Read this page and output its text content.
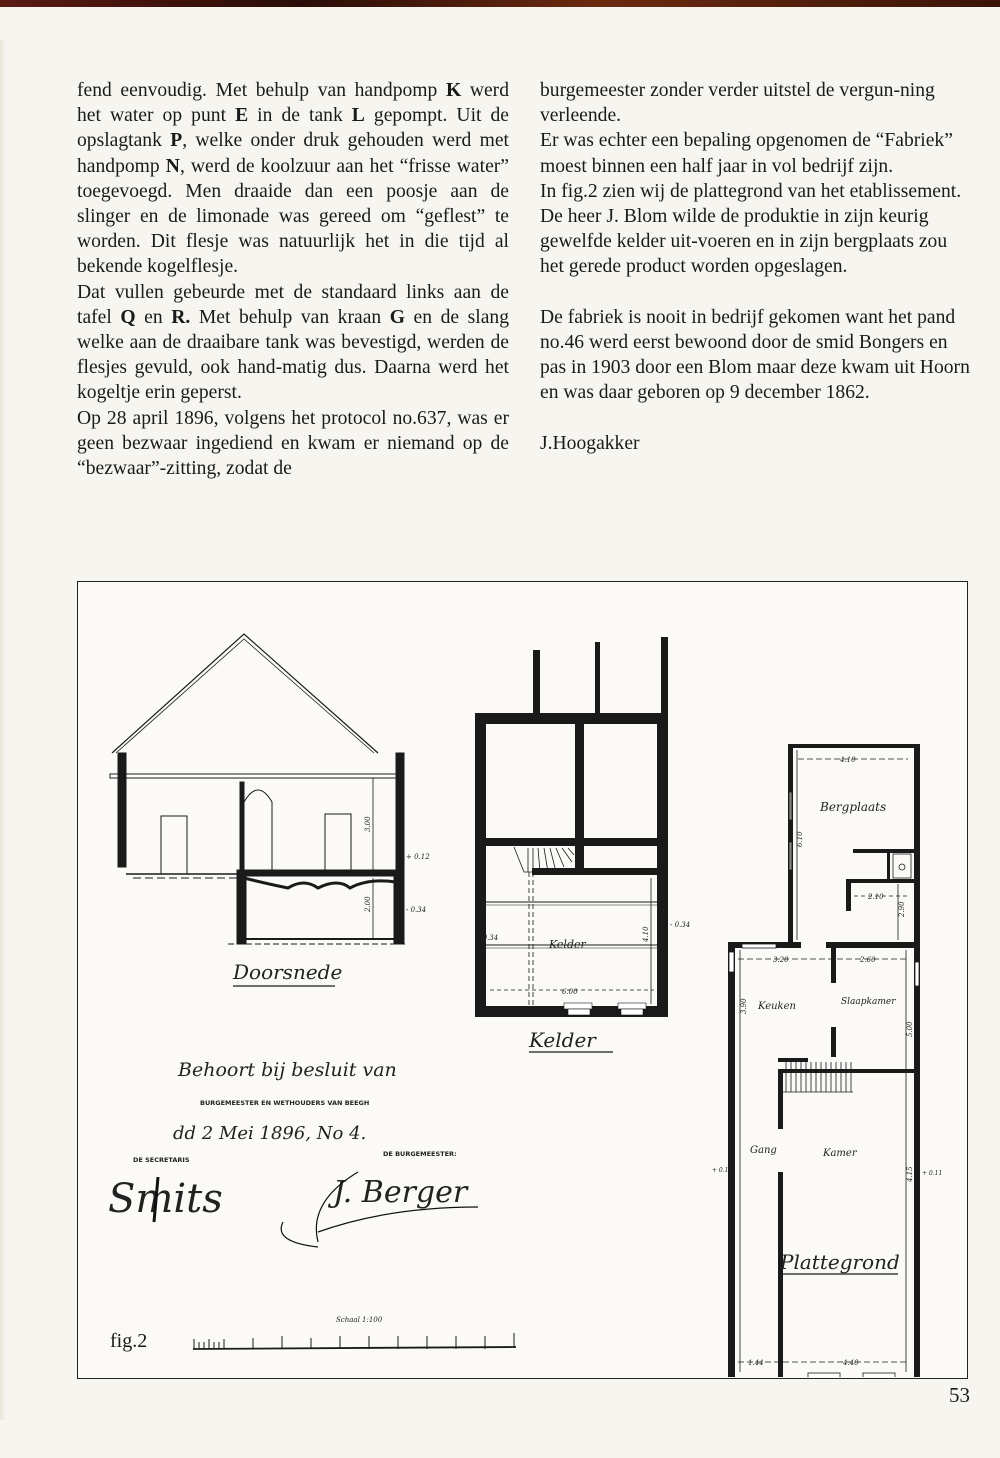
fend eenvoudig. Met behulp van handpomp K werd het water op punt E in de tank L gepompt. Uit de opslagtank P, welke onder druk gehouden werd met handpomp N, werd de koolzuur aan het “frisse water” toegevoegd. Men draaide dan een poosje aan de slinger en de limonade was gereed om “geflest” te worden. Dit flesje was natuurlijk het in die tijd al bekende kogelflesje.

Dat vullen gebeurde met de standaard links aan de tafel Q en R. Met behulp van kraan G en de slang welke aan de draaibare tank was bevestigd, werden de flesjes gevuld, ook hand-matig dus. Daarna werd het kogeltje erin geperst.

Op 28 april 1896, volgens het protocol no.637, was er geen bezwaar ingediend en kwam er niemand op de “bezwaar”-zitting, zodat de

burgemeester zonder verder uitstel de vergun-ning verleende.

Er was echter een bepaling opgenomen de “Fabriek” moest binnen een half jaar in vol bedrijf zijn.

In fig.2 zien wij de plattegrond van het etablissement. De heer J. Blom wilde de produktie in zijn keurig gewelfde kelder uit-voeren en in zijn bergplaats zou het gerede product worden opgeslagen.

De fabriek is nooit in bedrijf gekomen want het pand no.46 werd eerst bewoond door de smid Bongers en pas in 1903 door een Blom maar deze kwam uit Hoorn en was daar geboren op 9 december 1862.

J.Hoogakker

3.00
2.00
+ 0.12
- 0.34
Doorsnede
Kelder
6.00
4.10
- 0.34
- 0.34
Kelder
Bergplaats
Keuken	Slaapkamer
Gang	Kamer
4.10
6.10
2.10
2.90
3.20	2.60
3.90
5.00
4.15
1.44	4.40
+ 0.11	+ 0.11
Plattegrond
Behoort bij besluit van
BURGEMEESTER EN WETHOUDERS VAN BEEGH
dd 2 Mei 1896, No 4.
DE SECRETARIS
DE BURGEMEESTER:
Smits	J. Berger
Schaal 1:100
fig.2
53
